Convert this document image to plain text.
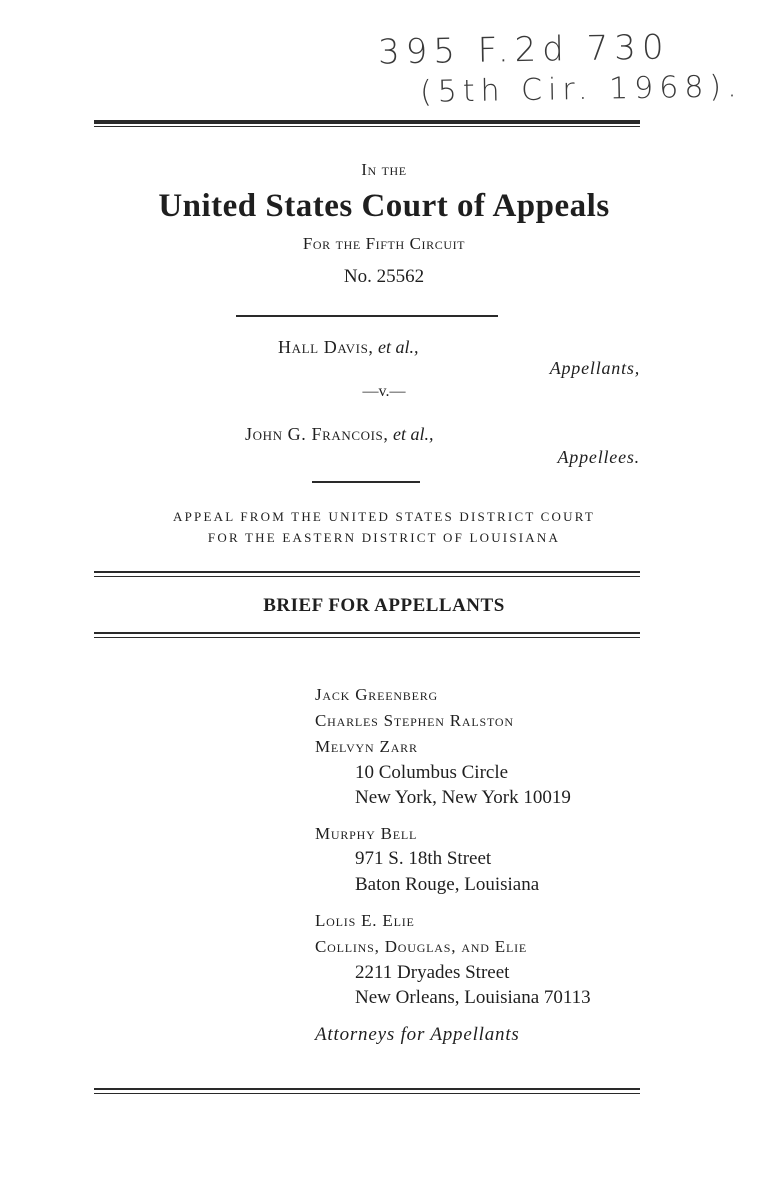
395 F.2d 730
(5th Cir. 1968).
In the
United States Court of Appeals
For the Fifth Circuit
No. 25562
Hall Davis, et al.,
Appellants,
—v.—
John G. Francois, et al.,
Appellees.
APPEAL FROM THE UNITED STATES DISTRICT COURT
FOR THE EASTERN DISTRICT OF LOUISIANA
BRIEF FOR APPELLANTS
Jack Greenberg
Charles Stephen Ralston
Melvyn Zarr
10 Columbus Circle
New York, New York 10019
Murphy Bell
971 S. 18th Street
Baton Rouge, Louisiana
Lolis E. Elie
Collins, Douglas, and Elie
2211 Dryades Street
New Orleans, Louisiana 70113
Attorneys for Appellants
